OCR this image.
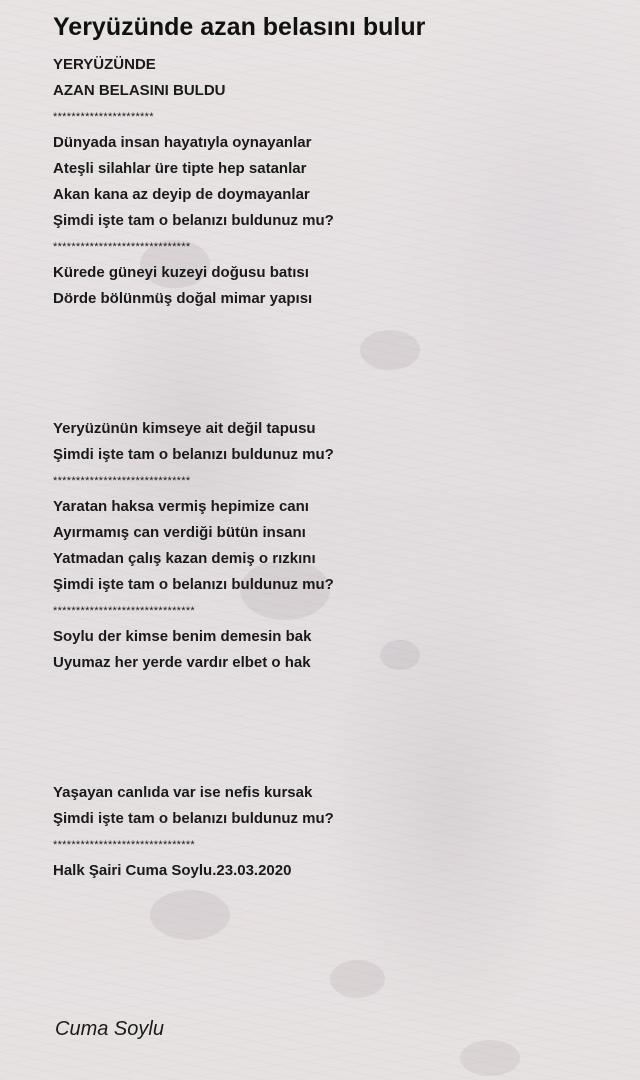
Yeryüzünde azan belasını bulur
YERYÜZÜNDE
AZAN BELASINI BULDU
**********************
Dünyada insan hayatıyla oynayanlar
Ateşli silahlar üre tipte hep satanlar
Akan kana az deyip de doymayanlar
Şimdi işte tam o belanızı buldunuz mu?
******************************
Kürede güneyi kuzeyi doğusu batısı
Dörde bölünmüş doğal mimar yapısı
Yeryüzünün kimseye ait değil tapusu
Şimdi işte tam o belanızı buldunuz mu?
******************************
Yaratan haksa vermiş hepimize canı
Ayırmamış can verdiği bütün insanı
Yatmadan çalış kazan demiş o rızkını
Şimdi işte tam o belanızı buldunuz mu?
*******************************
Soylu der kimse benim demesin bak
Uyumaz her yerde vardır elbet o hak
Yaşayan canlıda var ise nefis kursak
Şimdi işte tam o belanızı buldunuz mu?
*******************************
Halk Şairi Cuma Soylu.23.03.2020
Cuma Soylu
